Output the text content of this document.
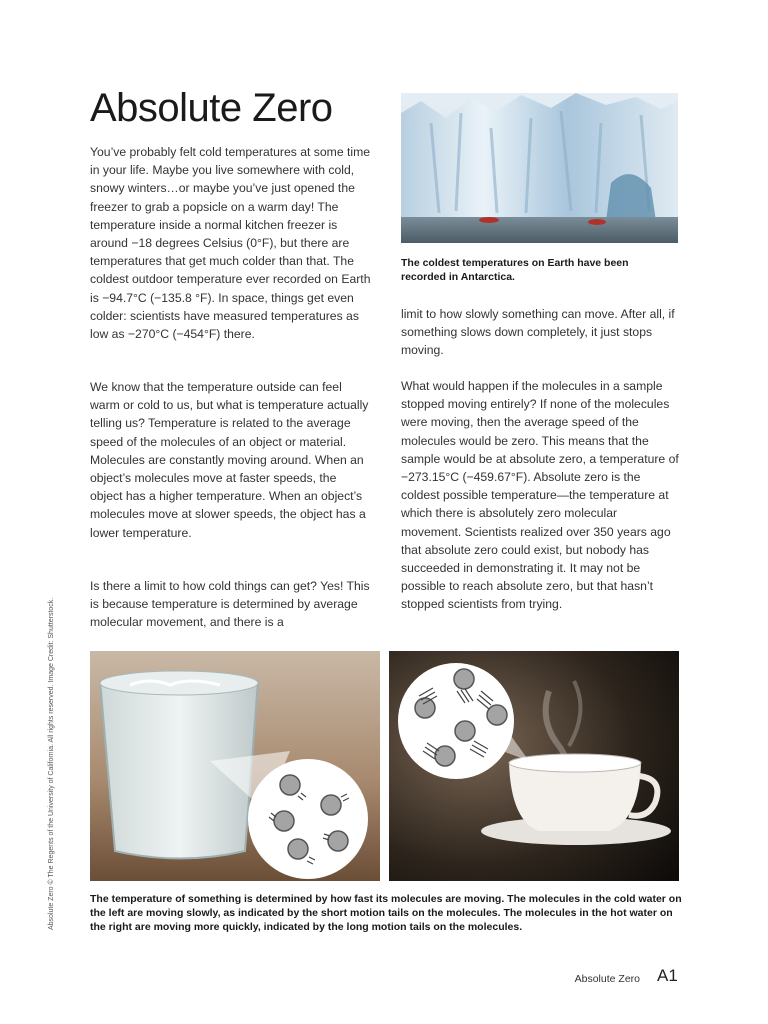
Absolute Zero

You’ve probably felt cold temperatures at some time in your life. Maybe you live somewhere with cold, snowy winters…or maybe you’ve just opened the freezer to grab a popsicle on a warm day! The temperature inside a normal kitchen freezer is around −18 degrees Celsius (0°F), but there are temperatures that get much colder than that. The coldest outdoor temperature ever recorded on Earth is −94.7°C (−135.8 °F). In space, things get even colder: scientists have measured temperatures as low as −270°C (−454°F) there.

We know that the temperature outside can feel warm or cold to us, but what is temperature actually telling us? Temperature is related to the average speed of the molecules of an object or material. Molecules are constantly moving around. When an object’s molecules move at faster speeds, the object has a higher temperature. When an object’s molecules move at slower speeds, the object has a lower temperature.

Is there a limit to how cold things can get? Yes! This is because temperature is determined by average molecular movement, and there is a

The coldest temperatures on Earth have been recorded in Antarctica.

limit to how slowly something can move. After all, if something slows down completely, it just stops moving.

What would happen if the molecules in a sample stopped moving entirely? If none of the molecules were moving, then the average speed of the molecules would be zero. This means that the sample would be at absolute zero, a temperature of −273.15°C (−459.67°F). Absolute zero is the coldest possible temperature—the temperature at which there is absolutely zero molecular movement. Scientists realized over 350 years ago that absolute zero could exist, but nobody has succeeded in demonstrating it. It may not be possible to reach absolute zero, but that hasn’t stopped scientists from trying.

The temperature of something is determined by how fast its molecules are moving. The molecules in the cold water on the left are moving slowly, as indicated by the short motion tails on the molecules. The molecules in the hot water on the right are moving more quickly, indicated by the long motion tails on the molecules.

Absolute Zero © The Regents of the University of California. All rights reserved. Image Credit: Shutterstock.
Absolute Zero A1
